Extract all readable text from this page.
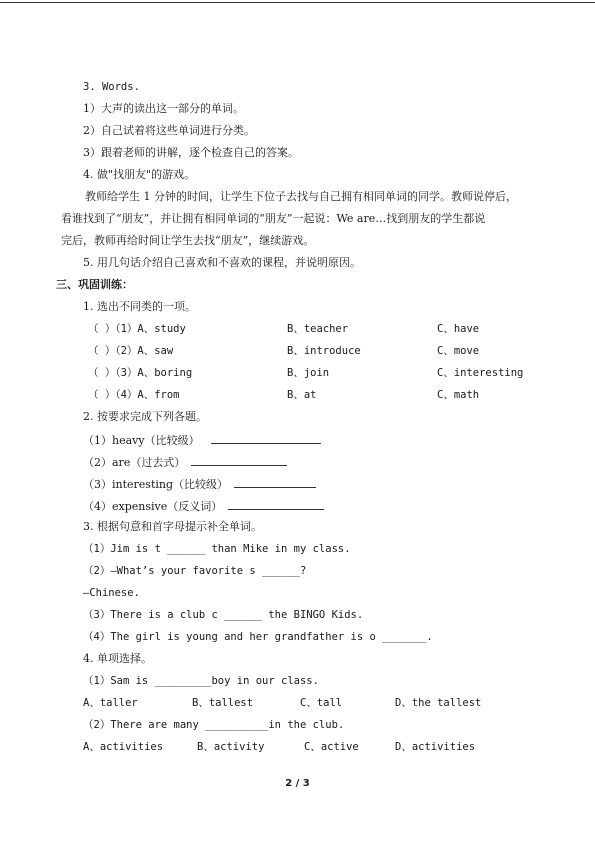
3. Words.
1）大声的读出这一部分的单词。
2）自己试着将这些单词进行分类。
3）跟着老师的讲解，逐个检查自己的答案。
4. 做"找朋友"的游戏。
教师给学生 1 分钟的时间，让学生下位子去找与自己拥有相同单词的同学。教师说停后，
看谁找到了“朋友”，并让拥有相同单词的“朋友”一起说：We are…找到朋友的学生都说
完后，教师再给时间让学生去找“朋友”，继续游戏。
5. 用几句话介绍自己喜欢和不喜欢的课程，并说明原因。
三、巩固训练：
1. 选出不同类的一项。
（ ）（1）A、study	B、teacher	C、have
（ ）（2）A、saw	B、introduce	C、move
（ ）（3）A、boring	B、join	C、interesting
（ ）（4）A、from	B、at	C、math
2. 按要求完成下列各题。
（1）heavy（比较级）
（2）are（过去式）
（3）interesting（比较级）
（4）expensive（反义词）
3. 根据句意和首字母提示补全单词。
（1）Jim is t ______ than Mike in my class.
（2）—What’s your favorite s ______?
—Chinese.
（3）There is a club c ______ the BINGO Kids.
（4）The girl is young and her grandfather is o _______.
4. 单项选择。
（1）Sam is _________boy in our class.
A、taller	B、tallest	C、tall	D、the tallest
（2）There are many __________in the club.
A、activities	B、activity	C、active	D、activities
2 / 3
